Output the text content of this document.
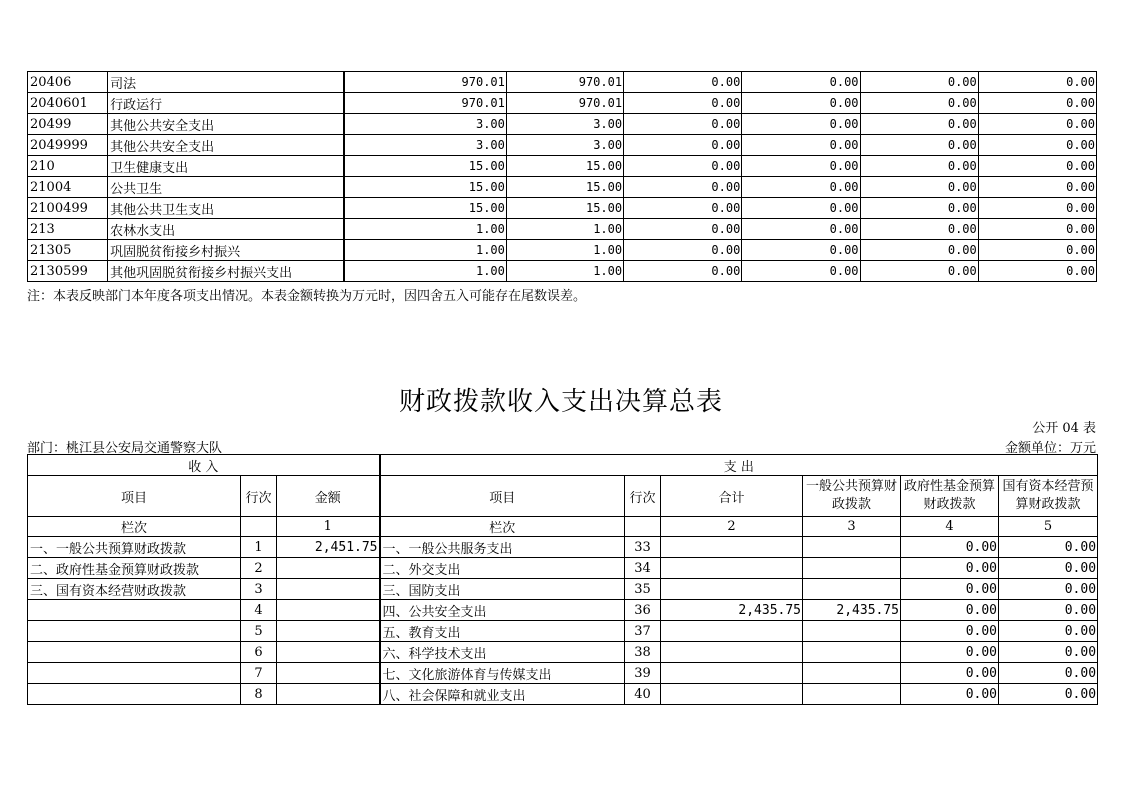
20406	司法	970.01	970.01	0.00	0.00	0.00	0.00
2040601	行政运行	970.01	970.01	0.00	0.00	0.00	0.00
20499	其他公共安全支出	3.00	3.00	0.00	0.00	0.00	0.00
2049999	其他公共安全支出	3.00	3.00	0.00	0.00	0.00	0.00
210	卫生健康支出	15.00	15.00	0.00	0.00	0.00	0.00
21004	公共卫生	15.00	15.00	0.00	0.00	0.00	0.00
2100499	其他公共卫生支出	15.00	15.00	0.00	0.00	0.00	0.00
213	农林水支出	1.00	1.00	0.00	0.00	0.00	0.00
21305	巩固脱贫衔接乡村振兴	1.00	1.00	0.00	0.00	0.00	0.00
2130599	其他巩固脱贫衔接乡村振兴支出	1.00	1.00	0.00	0.00	0.00	0.00
注：本表反映部门本年度各项支出情况。本表金额转换为万元时，因四舍五入可能存在尾数误差。
财政拨款收入支出决算总表
公开 04 表
部门：桃江县公安局交通警察大队	金额单位：万元
收 入			支 出					
项目	行次	金额	项目	行次	合计	一般公共预算财政拨款	政府性基金预算财政拨款	国有资本经营预算财政拨款
栏次		1	栏次		2	3	4	5
一、一般公共预算财政拨款	1	2,451.75	一、一般公共服务支出	33			0.00	0.00
二、政府性基金预算财政拨款	2		二、外交支出	34			0.00	0.00
三、国有资本经营财政拨款	3		三、国防支出	35			0.00	0.00
	4		四、公共安全支出	36	2,435.75	2,435.75	0.00	0.00
	5		五、教育支出	37			0.00	0.00
	6		六、科学技术支出	38			0.00	0.00
	7		七、文化旅游体育与传媒支出	39			0.00	0.00
	8		八、社会保障和就业支出	40			0.00	0.00
